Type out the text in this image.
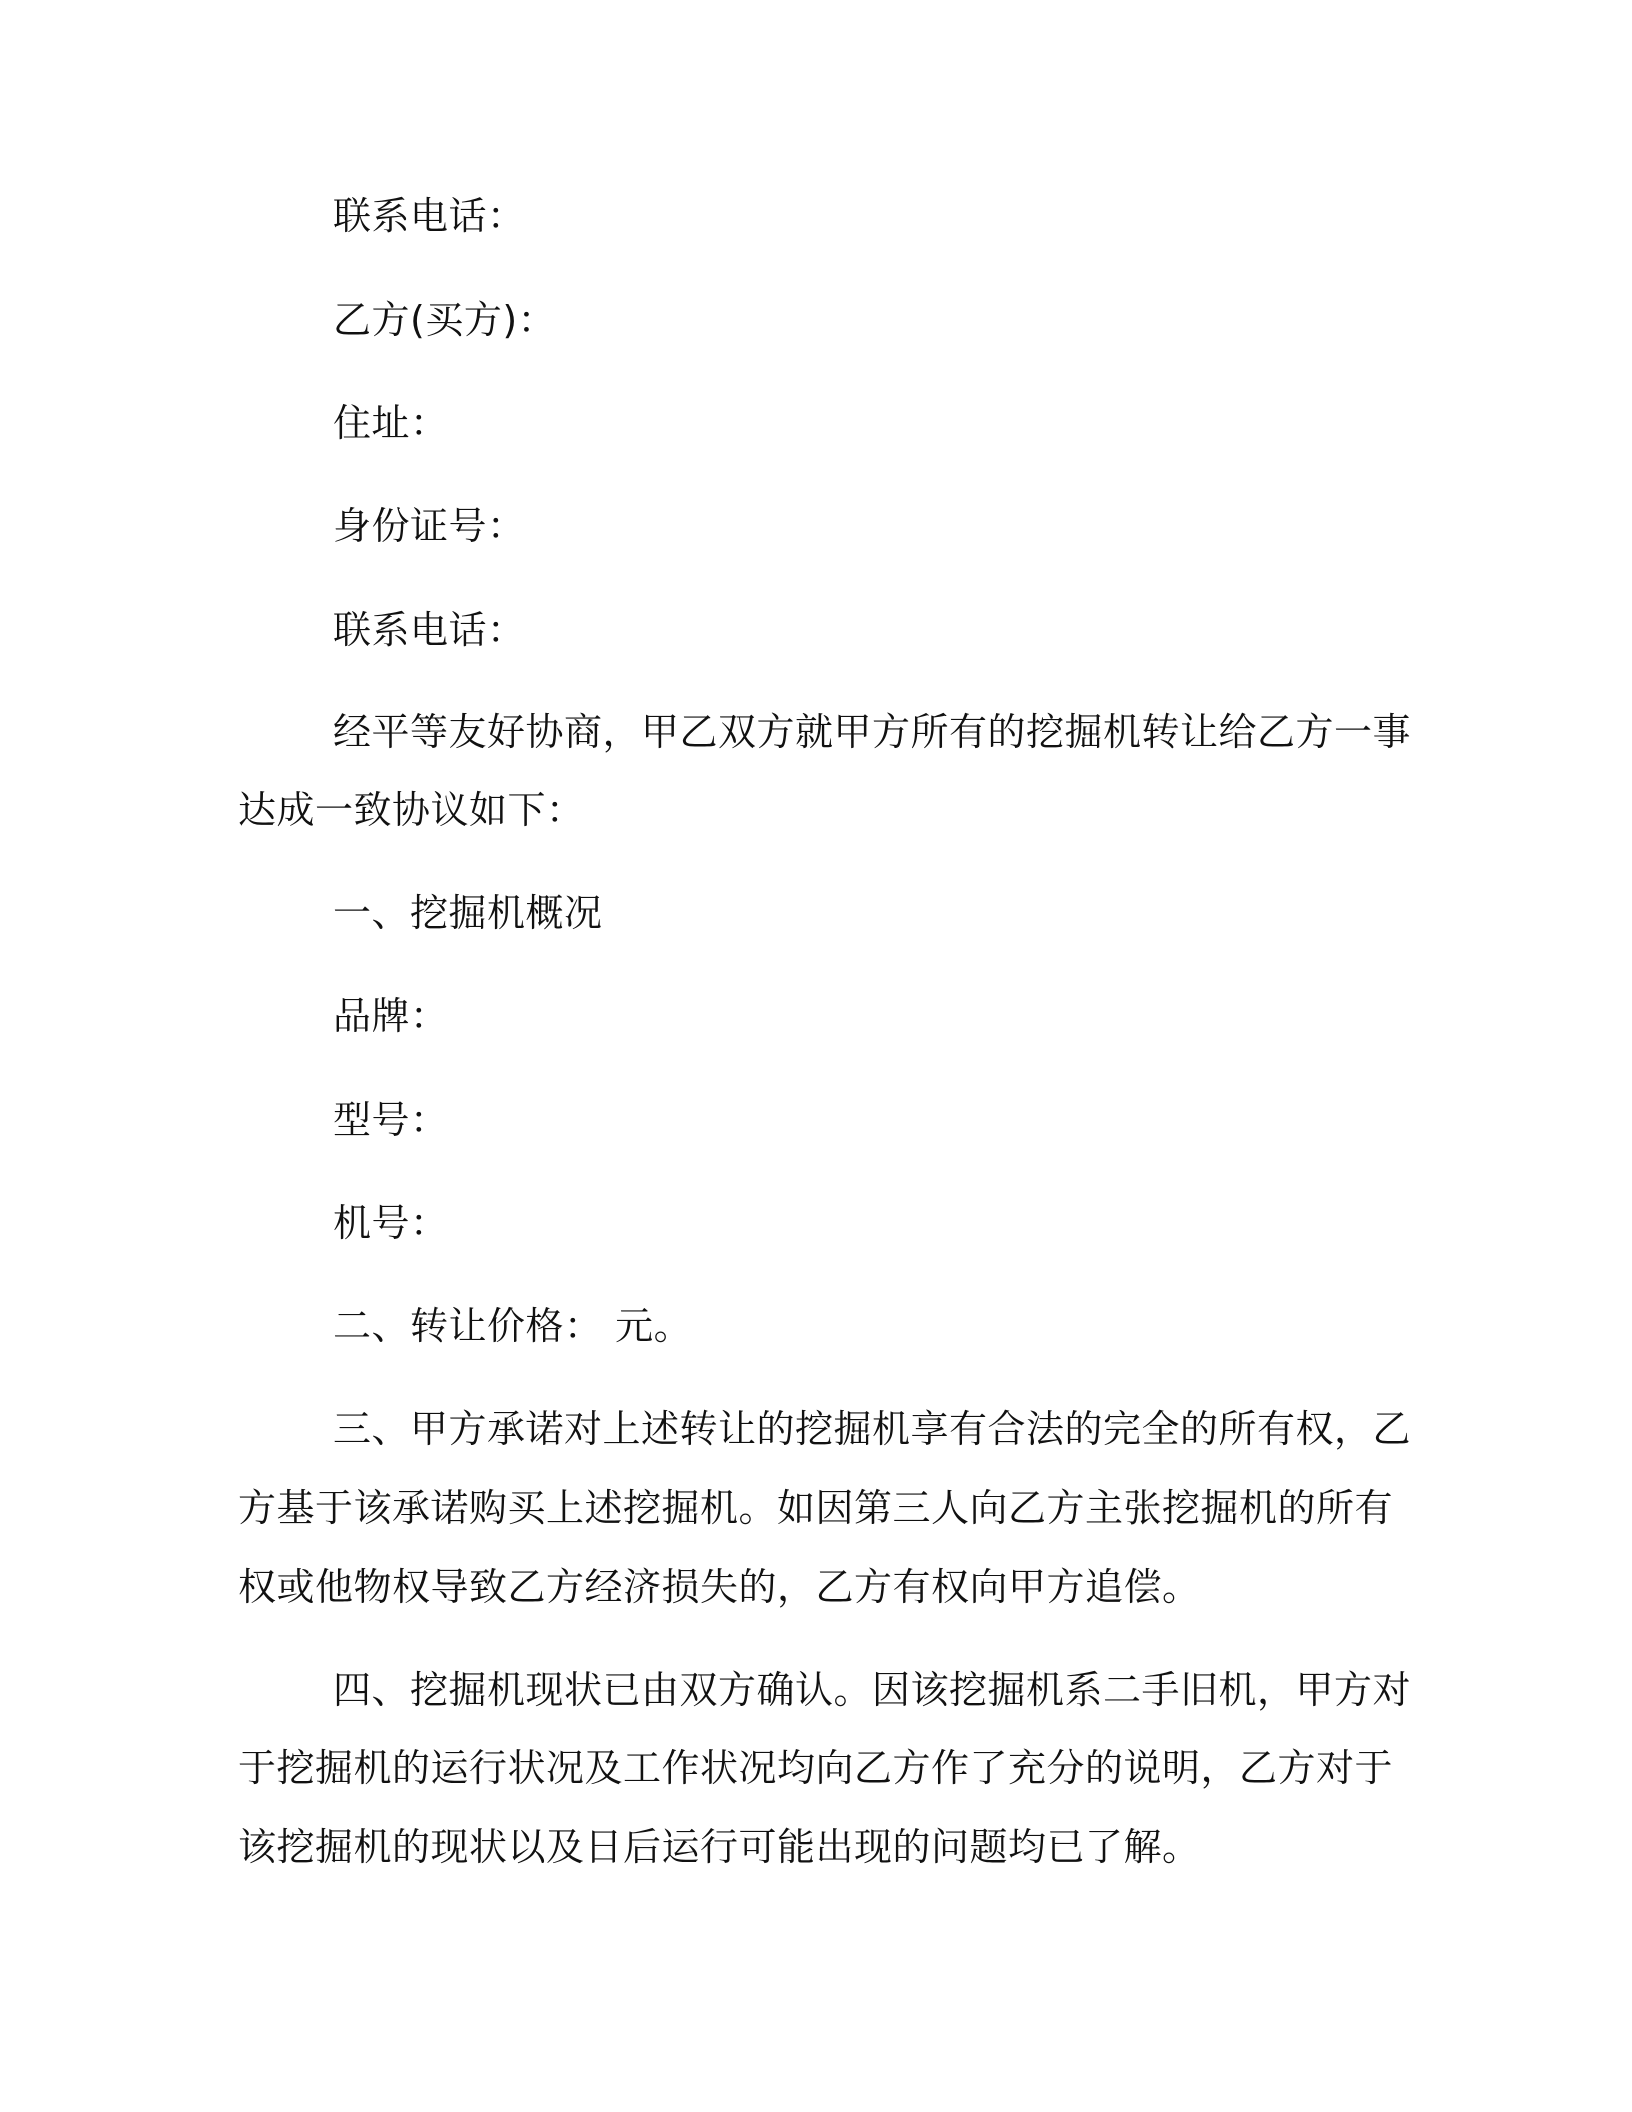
联系电话：
乙方(买方)：
住址：
身份证号：
联系电话：
经平等友好协商，甲乙双方就甲方所有的挖掘机转让给乙方一事
达成一致协议如下：
一、挖掘机概况
品牌：
型号：
机号：
二、转让价格： 元。
三、甲方承诺对上述转让的挖掘机享有合法的完全的所有权，乙
方基于该承诺购买上述挖掘机。如因第三人向乙方主张挖掘机的所有
权或他物权导致乙方经济损失的，乙方有权向甲方追偿。
四、挖掘机现状已由双方确认。因该挖掘机系二手旧机，甲方对
于挖掘机的运行状况及工作状况均向乙方作了充分的说明，乙方对于
该挖掘机的现状以及日后运行可能出现的问题均已了解。
